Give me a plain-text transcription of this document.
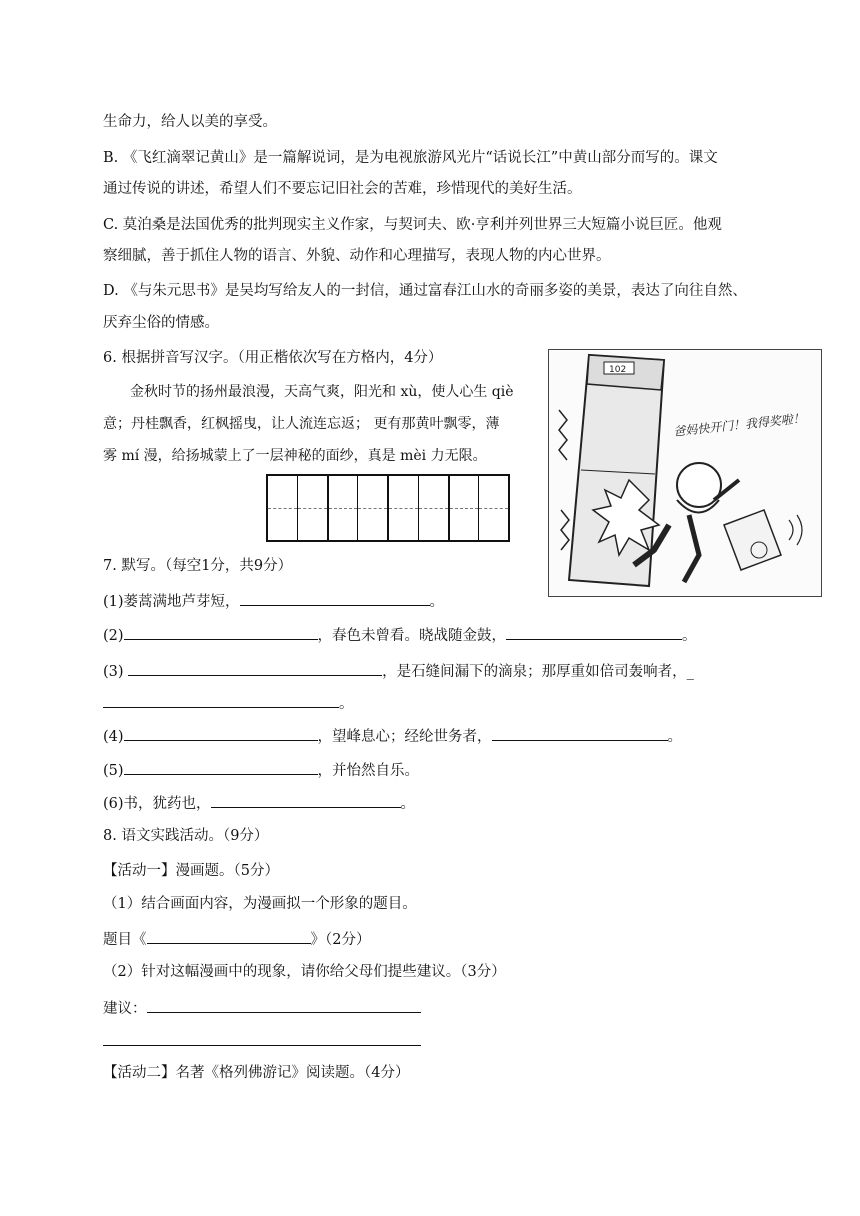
生命力，给人以美的享受。
B. 《飞红滴翠记黄山》是一篇解说词，是为电视旅游风光片“话说长江”中黄山部分而写的。课文
通过传说的讲述，希望人们不要忘记旧社会的苦难，珍惜现代的美好生活。
C. 莫泊桑是法国优秀的批判现实主义作家，与契诃夫、欧·亨利并列世界三大短篇小说巨匠。他观
察细腻，善于抓住人物的语言、外貌、动作和心理描写，表现人物的内心世界。
D. 《与朱元思书》是吴均写给友人的一封信，通过富春江山水的奇丽多姿的美景，表达了向往自然、
厌弃尘俗的情感。
6. 根据拼音写汉字。（用正楷依次写在方格内，4分）
金秋时节的扬州最浪漫，天高气爽，阳光和 xù，使人心生 qiè
意；丹桂飘香，红枫摇曳，让人流连忘返； 更有那黄叶飘零，薄
雾 mí 漫，给扬城蒙上了一层神秘的面纱，真是 mèi 力无限。
102
爸妈快开门！我得奖啦！
7. 默写。（每空1分，共9分）
(1)蒌蒿满地芦芽短，	。
(2)	，春色未曾看。晓战随金鼓，	。
(3)	，是石缝间漏下的滴泉；那厚重如倍司轰响者，_
。
(4)	，望峰息心；经纶世务者，	。
(5)	，并怡然自乐。
(6)书，犹药也，	。
8. 语文实践活动。（9分）
【活动一】漫画题。（5分）
（1）结合画面内容，为漫画拟一个形象的题目。
题目《	》（2分）
（2）针对这幅漫画中的现象，请你给父母们提些建议。（3分）
建议：
【活动二】名著《格列佛游记》阅读题。（4分）
